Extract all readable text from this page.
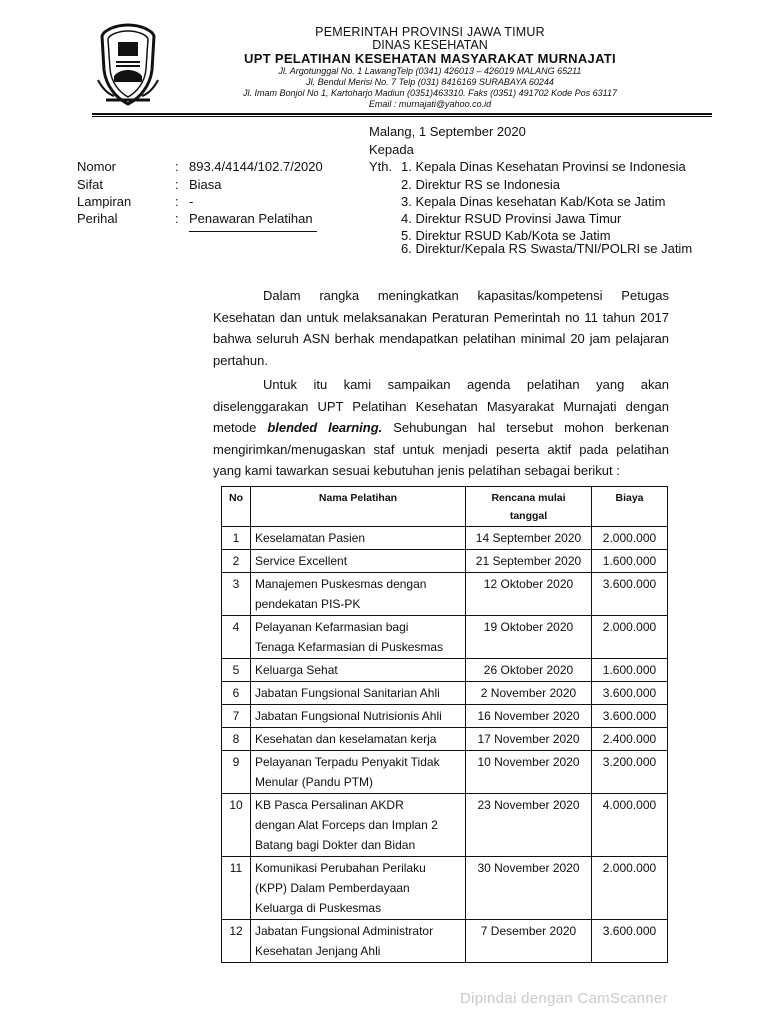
PEMERINTAH PROVINSI JAWA TIMUR
DINAS KESEHATAN
UPT PELATIHAN KESEHATAN MASYARAKAT MURNAJATI
Jl. Argotunggal No. 1 LawangTelp (0341) 426013 – 426019 MALANG 65211
Jl. Bendul Merisi No. 7 Telp (031) 8416169 SURABAYA 60244
Jl. Imam Bonjol No 1, Kartoharjo Madiun (0351)463310. Faks (0351) 491702 Kode Pos 63117
Email : murnajati@yahoo.co.id
Malang, 1 September 2020
Kepada
Yth. 1. Kepala Dinas Kesehatan Provinsi se Indonesia
2. Direktur RS se Indonesia
3. Kepala Dinas kesehatan Kab/Kota se Jatim
4. Direktur RSUD Provinsi Jawa Timur
5. Direktur RSUD Kab/Kota se Jatim
6. Direktur/Kepala RS Swasta/TNI/POLRI se Jatim
Nomor	: 893.4/4144/102.7/2020
Sifat	: Biasa
Lampiran	: -
Perihal	: Penawaran Pelatihan

Dalam rangka meningkatkan kapasitas/kompetensi Petugas Kesehatan dan untuk melaksanakan Peraturan Pemerintah no 11 tahun 2017 bahwa seluruh ASN berhak mendapatkan pelatihan minimal 20 jam pelajaran pertahun.

Untuk itu kami sampaikan agenda pelatihan yang akan diselenggarakan UPT Pelatihan Kesehatan Masyarakat Murnajati dengan metode blended learning. Sehubungan hal tersebut mohon berkenan mengirimkan/menugaskan staf untuk menjadi peserta aktif pada pelatihan yang kami tawarkan sesuai kebutuhan jenis pelatihan sebagai berikut :

No	Nama Pelatihan	Rencana mulai
tanggal	Biaya
1	Keselamatan Pasien	14 September 2020	2.000.000
2	Service Excellent	21 September 2020	1.600.000
3	Manajemen Puskesmas dengan
pendekatan PIS-PK	12 Oktober 2020	3.600.000
4	Pelayanan Kefarmasian bagi
Tenaga Kefarmasian di Puskesmas	19 Oktober 2020	2.000.000
5	Keluarga Sehat	26 Oktober 2020	1.600.000
6	Jabatan Fungsional Sanitarian Ahli	2 November 2020	3.600.000
7	Jabatan Fungsional Nutrisionis Ahli	16 November 2020	3.600.000
8	Kesehatan dan keselamatan kerja	17 November 2020	2.400.000
9	Pelayanan Terpadu Penyakit Tidak
Menular (Pandu PTM)	10 November 2020	3.200.000
10	KB Pasca Persalinan AKDR
dengan Alat Forceps dan Implan 2
Batang bagi Dokter dan Bidan	23 November 2020	4.000.000
11	Komunikasi Perubahan Perilaku
(KPP) Dalam Pemberdayaan
Keluarga di Puskesmas	30 November 2020	2.000.000
12	Jabatan Fungsional Administrator
Kesehatan Jenjang Ahli	7 Desember 2020	3.600.000
Dipindai dengan CamScanner
